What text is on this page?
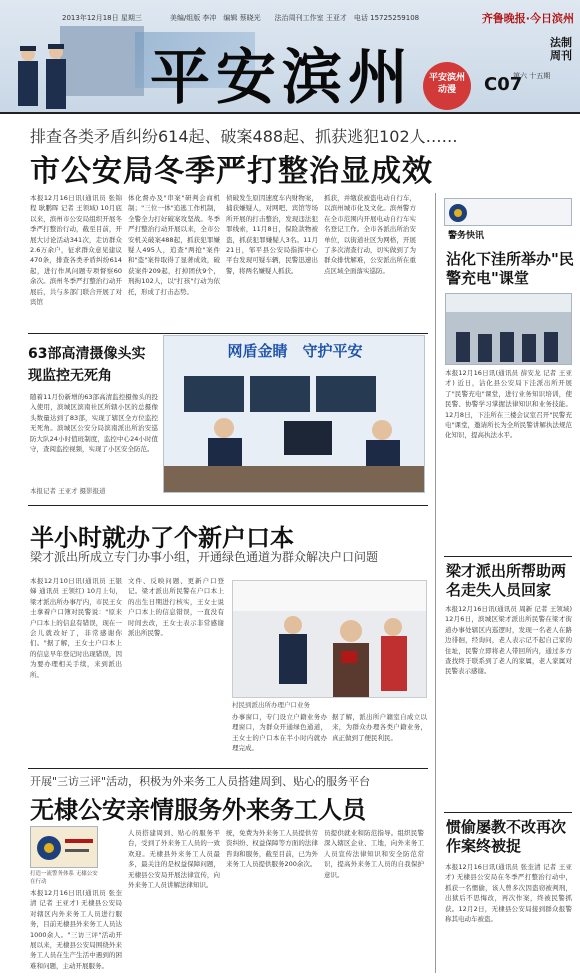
2013年12月18日 星期三　　　　美编/组版 李冲　编辑 蔡晓光　　法治周刊工作室 王亚才　电话 15725259108	齐鲁晚报·今日滨州
平安滨州	平安滨州 动漫	C07
第六 十五期
法制周刊
排查各类矛盾纠纷614起、破案488起、抓获逃犯102人……
市公安局冬季严打整治显成效
本报12月16日讯(通讯员 张锦程 耿鹏晖 记者 王领域) 10月底以来，滨州市公安局组织开展冬季严打整治行动，截至目前，开展大讨论活动341次，走访群众2.6万余户，征求群众意见建议470条，排查各类矛盾纠纷614起，进行作风问题专项督察60余次。滨州冬季严打整治行动开展后，共与多部门联合开展了对宾馆
体化督办及"串案"研判会商机制；"三位一体"追逃工作机制，全警全力打好破案攻坚战。冬季严打整治行动开展以来，全市公安机关破案488起，抓获犯罪嫌疑人495人，追查"两抢"案件和"盗"案件取得了显著成效，破获案件209起，打掉团伙9个，刑拘102人，以"打孩"行动为依托，形成了打击态势。
侦破发生原因速度车内财物案，捕获嫌疑人，对网吧、宾馆等场所开展的打击整治，发现违法犯罪线索，11月8日，保险款物被盗，抓获犯罪嫌疑人3名。11月21日，邹平县公安局指挥中心平台发现可疑车辆，民警迅速出警，将两名嫌疑人抓获。
抓获，并缴获被盗电动自行车，以滨州城市化及文化。滨州警方在全市范围内开展电动自行车实名登记工作。全市各派出所治安单位，以街道社区为网格，开展了多次清查行动，切实做到了为群众排忧解难，公安派出所在重点区域全面落实巡防。
警务快讯
沾化下洼所举办"民警充电"课堂
本报12月16日讯(通讯员 薛安龙 记者 王亚才) 近日，沾化县公安局下洼派出所开展了"民警充电"课堂，进行业务知识培训，使民警、协警学习掌握法律知识和业务技能。12月8日，下洼所在三楼会议室召开"民警充电"课堂，邀请所长为全所民警讲解执法规范化知识，提高执法水平。
63部高清摄像头实现监控无死角
随着11月份新增的63部高清监控摄像头的投入使用，滨城区滨南社区所辖小区的总摄像头数量达到了83部，实现了辖区全方位监控无死角。滨城区公安分局滨南派出所治安巡防大队24小时值班制度，监控中心24小时值守，查阅监控视频，实现了小区安全防范。
网盾金睛　守护平安
本报记者 王亚才 摄影报道
半小时就办了个新户口本
梁才派出所成立专门办事小组，开通绿色通道为群众解决户口问题
本报12月10日讯(通讯员 王银娣 通讯员 王领红) 10月上旬，梁才派出所办事厅内，市民王女士拿着户口簿对民警说："原来户口本上的信息有错误，现在一会儿就改好了，非常感谢你们。"据了解，王女士户口本上的信息早年登记时出现错误，因为要办理相关手续，来到派出所。
文件、反映问题、更新户口登记。梁才派出所民警在户口本上的出生日期进行核实，王女士说户口本上的信息错误，一直没有时间去改，王女士表示非常感谢派出所民警。
村民到派出所办理户口业务
办事窗口，专门设立户籍业务办理窗口，为群众开通绿色通道，王女士的户口本在半小时内就办理完成。
据了解，派出所户籍室自成立以来，为群众办理各类户籍业务，真正做到了便民利民。
梁才派出所帮助两名走失人员回家
本报12月16日讯(通讯员 周新 记者 王领域) 12月6日，滨城区梁才派出所民警在梁才街道办事处辖区内巡逻时，发现一名老人在路边徘徊，经询问，老人表示记不起自己家的住址，民警立即将老人带回所内，通过多方查找终于联系到了老人的家属，老人家属对民警表示感谢。
开展"三访三评"活动，积极为外来务工人员搭建周到、贴心的服务平台
无棣公安亲情服务外来务工人员
打造一流警务体系 无棣公安在行动
本报12月16日讯(通讯员 张奎清 记者 王亚才) 无棣县公安局对辖区内外来务工人员进行服务，目前无棣县外来务工人员达1000余人。"三访三评"活动开展以来，无棣县公安局围绕外来务工人员在生产生活中遇到的困难和问题，主动开展服务。
人员搭建周到、贴心的服务平台，受到了外来务工人员的一致欢迎。无棣县外来务工人员最多，最关注的是权益保障问题，无棣县公安局开展法律宣传，向外来务工人员讲解法律知识。
统，免费为外来务工人员提供劳资纠纷、权益保障等方面的法律咨询和服务，截至目前，已为外来务工人员提供服务200余次。
员提供就业和防范指导。组织民警深入辖区企业、工地，向外来务工人员宣传法律知识和安全防范常识，提高外来务工人员的自我保护意识。
惯偷屡教不改再次作案终被捉
本报12月16日讯(通讯员 张奎清 记者 王亚才) 无棣县公安局在冬季严打整治行动中，抓获一名惯偷，该人曾多次因盗窃被判刑，出狱后不思悔改，再次作案，终被民警抓获。12月2日，无棣县公安局接到群众报警称其电动车被盗。
